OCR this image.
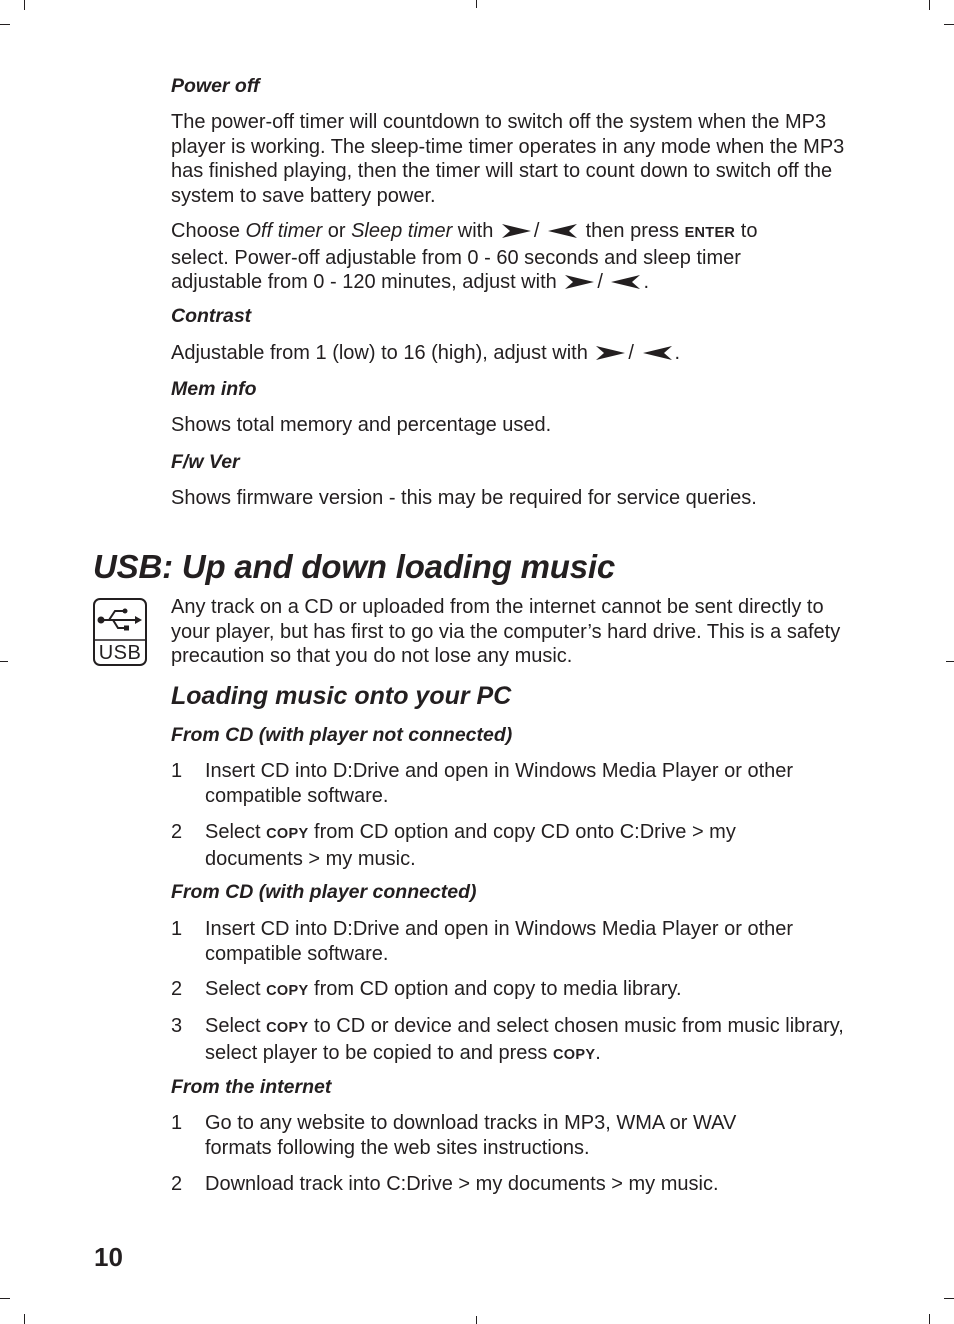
Power off

The power-off timer will countdown to switch off the system when the MP3 player is working. The sleep-time timer operates in any mode when the MP3 has finished playing, then the timer will start to count down to switch off the system to save battery power.

Choose Off timer or Sleep timer with /  then press ENTER to
select. Power-off adjustable from 0 - 60 seconds and sleep timer
adjustable from 0 - 120 minutes, adjust with / .

Contrast

Adjustable from 1 (low) to 16 (high), adjust with / .

Mem info

Shows total memory and percentage used.

F/w Ver

Shows firmware version - this may be required for service queries.

USB: Up and down loading music
USB

Any track on a CD or uploaded from the internet cannot be sent directly to your player, but has first to go via the computer’s hard drive. This is a safety precaution so that you do not lose any music.

Loading music onto your PC
From CD (with player not connected)
1 Insert CD into D:Drive and open in Windows Media Player or other compatible software.

2 Select COPY from CD option and copy CD onto C:Drive > my documents > my music.

From CD (with player connected)
1 Insert CD into D:Drive and open in Windows Media Player or other compatible software.

2 Select COPY from CD option and copy to media library.

3 Select COPY to CD or device and select chosen music from music library, select player to be copied to and press COPY.

From the internet
1 Go to any website to download tracks in MP3, WMA or WAV formats following the web sites instructions.

2 Download track into C:Drive > my documents > my music.

10
